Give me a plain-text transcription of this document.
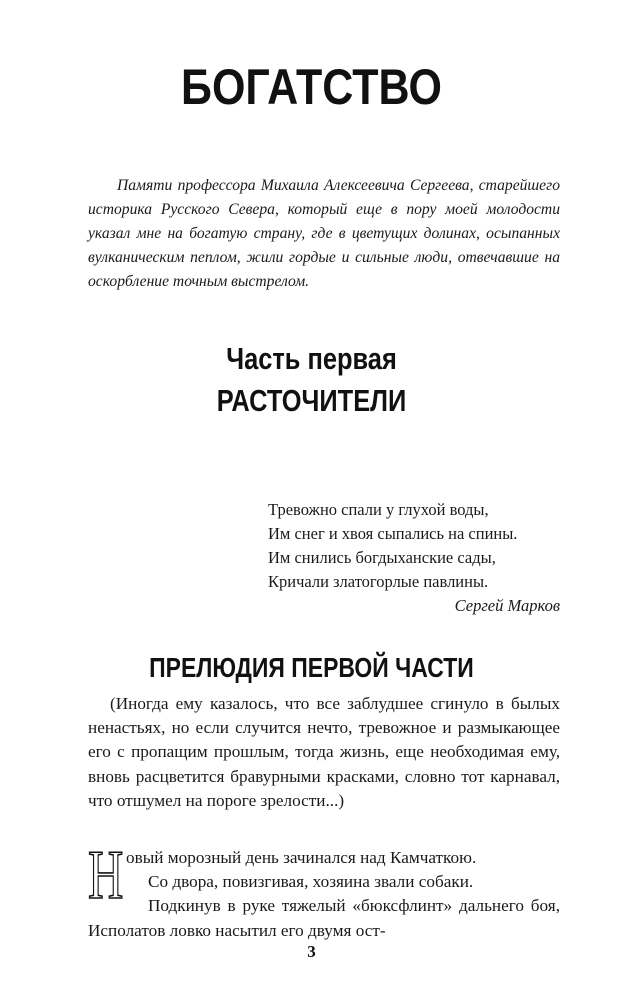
БОГАТСТВО
Памяти профессора Михаила Алексеевича Сергеева, старейшего историка Русского Севера, который еще в пору моей молодости указал мне на богатую страну, где в цветущих долинах, осыпанных вулканическим пеплом, жили гордые и сильные люди, отвечавшие на оскорбление точным выстрелом.
Часть первая
РАСТОЧИТЕЛИ
Тревожно спали у глухой воды,
Им снег и хвоя сыпались на спины.
Им снились богдыханские сады,
Кричали златогорлые павлины.
Сергей Марков
ПРЕЛЮДИЯ ПЕРВОЙ ЧАСТИ
(Иногда ему казалось, что все заблудшее сгинуло в былых ненастьях, но если случится нечто, тревожное и размыкающее его с пропащим прошлым, тогда жизнь, еще необходимая ему, вновь расцветится бравурными красками, словно тот карнавал, что отшумел на пороге зрелости...)
Н овый морозный день зачинался над Камчаткою.

Со двора, повизгивая, хозяина звали собаки.

Подкинув в руке тяжелый «бюксфлинт» дальнего боя, Исполатов ловко насытил его двумя ост-

3
